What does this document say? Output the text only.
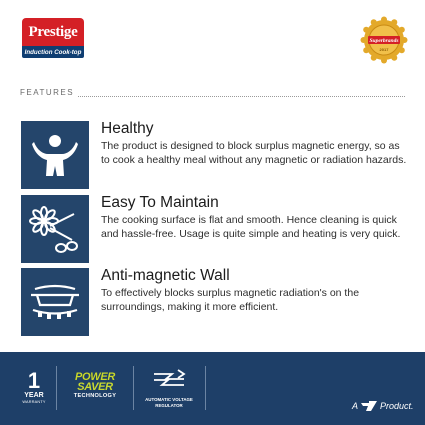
Prestige
Induction Cook-top
Superbrands
2017
FEATURES
Healthy
The product is designed to block surplus magnetic energy, so as to cook a healthy meal without any magnetic or radiation hazards.
Easy To Maintain
The cooking surface is flat and smooth. Hence cleaning is quick and hassle-free. Usage is quite simple and heating is very quick.
Anti-magnetic Wall
To effectively blocks surplus magnetic radiation's on the surroundings, making it more efficient.
1
YEAR
WARRANTY
POWER
SAVER
TECHNOLOGY
AUTOMATIC VOLTAGE REGULATOR	A Product.
